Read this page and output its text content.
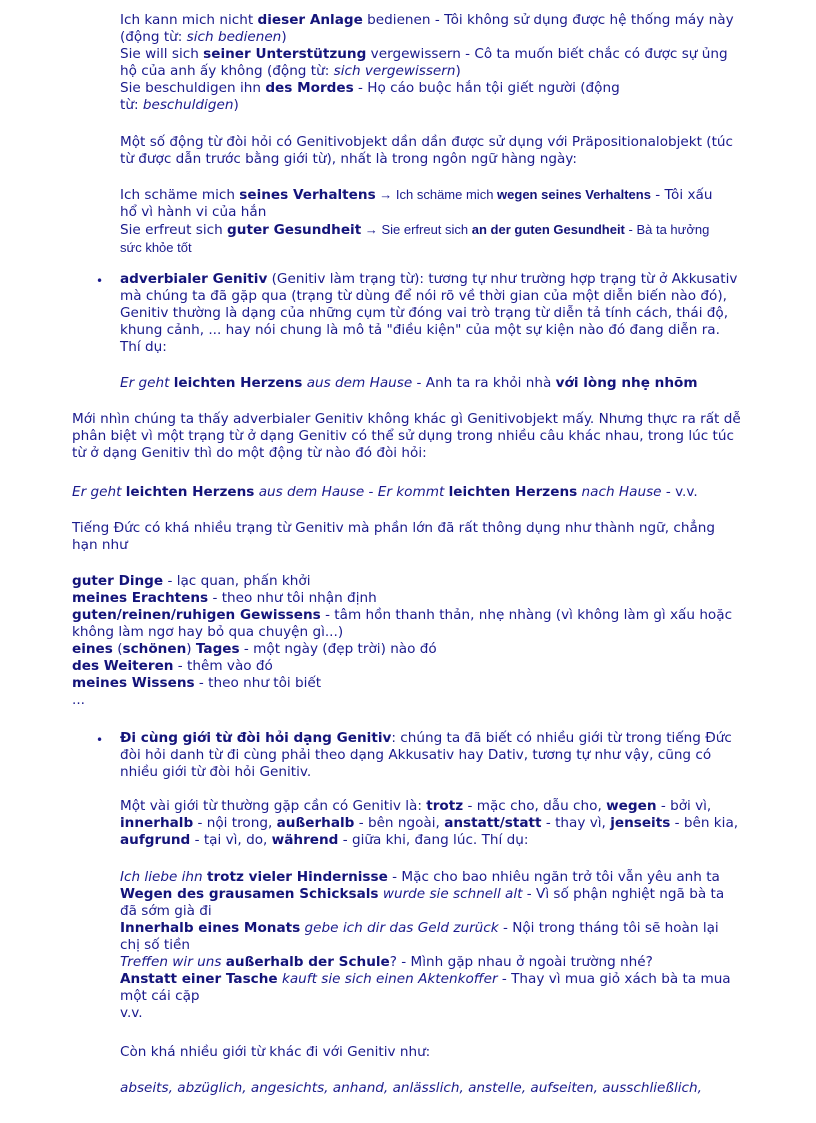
Ich kann mich nicht dieser Anlage bedienen - Tôi không sử dụng được hệ thống máy này
(động từ: sich bedienen)
Sie will sich seiner Unterstützung vergewissern - Cô ta muốn biết chắc có được sự ủng
hộ của anh ấy không (động từ: sich vergewissern)
Sie beschuldigen ihn des Mordes - Họ cáo buộc hắn tội giết người (động
từ: beschuldigen)

Một số động từ đòi hỏi có Genitivobjekt dần dần được sử dụng với Präpositionalobjekt (túc từ được dẫn trước bằng giới từ), nhất là trong ngôn ngữ hàng ngày:

Ich schäme mich seines Verhaltens → Ich schäme mich wegen seines Verhaltens - Tôi xấu
hổ vì hành vi của hắn
Sie erfreut sich guter Gesundheit → Sie erfreut sich an der guten Gesundheit - Bà ta hưởng
sức khỏe tốt
• adverbialer Genitiv (Genitiv làm trạng từ): tương tự như trường hợp trạng từ ở Akkusativ mà chúng ta đã gặp qua (trạng từ dùng để nói rõ về thời gian của một diễn biến nào đó), Genitiv thường là dạng của những cụm từ đóng vai trò trạng từ diễn tả tính cách, thái độ, khung cảnh, ... hay nói chung là mô tả "điều kiện" của một sự kiện nào đó đang diễn ra. Thí dụ:

Er geht leichten Herzens aus dem Hause - Anh ta ra khỏi nhà với lòng nhẹ nhõm

Mới nhìn chúng ta thấy adverbialer Genitiv không khác gì Genitivobjekt mấy. Nhưng thực ra rất dễ phân biệt vì một trạng từ ở dạng Genitiv có thể sử dụng trong nhiều câu khác nhau, trong lúc túc từ ở dạng Genitiv thì do một động từ nào đó đòi hỏi:

Er geht leichten Herzens aus dem Hause - Er kommt leichten Herzens nach Hause - v.v.

Tiếng Đức có khá nhiều trạng từ Genitiv mà phần lớn đã rất thông dụng như thành ngữ, chẳng hạn như

guter Dinge - lạc quan, phấn khởi
meines Erachtens - theo như tôi nhận định
guten/reinen/ruhigen Gewissens - tâm hồn thanh thản, nhẹ nhàng (vì không làm gì xấu hoặc không làm ngơ hay bỏ qua chuyện gì...)
eines (schönen) Tages - một ngày (đẹp trời) nào đó
des Weiteren - thêm vào đó
meines Wissens - theo như tôi biết
...
• Đi cùng giới từ đòi hỏi dạng Genitiv: chúng ta đã biết có nhiều giới từ trong tiếng Đức đòi hỏi danh từ đi cùng phải theo dạng Akkusativ hay Dativ, tương tự như vậy, cũng có nhiều giới từ đòi hỏi Genitiv.

Một vài giới từ thường gặp cần có Genitiv là: trotz - mặc cho, dẫu cho, wegen - bởi vì, innerhalb - nội trong, außerhalb - bên ngoài, anstatt/statt - thay vì, jenseits - bên kia, aufgrund - tại vì, do, während - giữa khi, đang lúc. Thí dụ:

Ich liebe ihn trotz vieler Hindernisse - Mặc cho bao nhiêu ngăn trở tôi vẫn yêu anh ta
Wegen des grausamen Schicksals wurde sie schnell alt - Vì số phận nghiệt ngã bà ta đã sớm già đi
Innerhalb eines Monats gebe ich dir das Geld zurück - Nội trong tháng tôi sẽ hoàn lại chị số tiền
Treffen wir uns außerhalb der Schule? - Mình gặp nhau ở ngoài trường nhé?
Anstatt einer Tasche kauft sie sich einen Aktenkoffer - Thay vì mua giỏ xách bà ta mua một cái cặp
v.v.

Còn khá nhiều giới từ khác đi với Genitiv như:

abseits, abzüglich, angesichts, anhand, anlässlich, anstelle, aufseiten, ausschließlich,
